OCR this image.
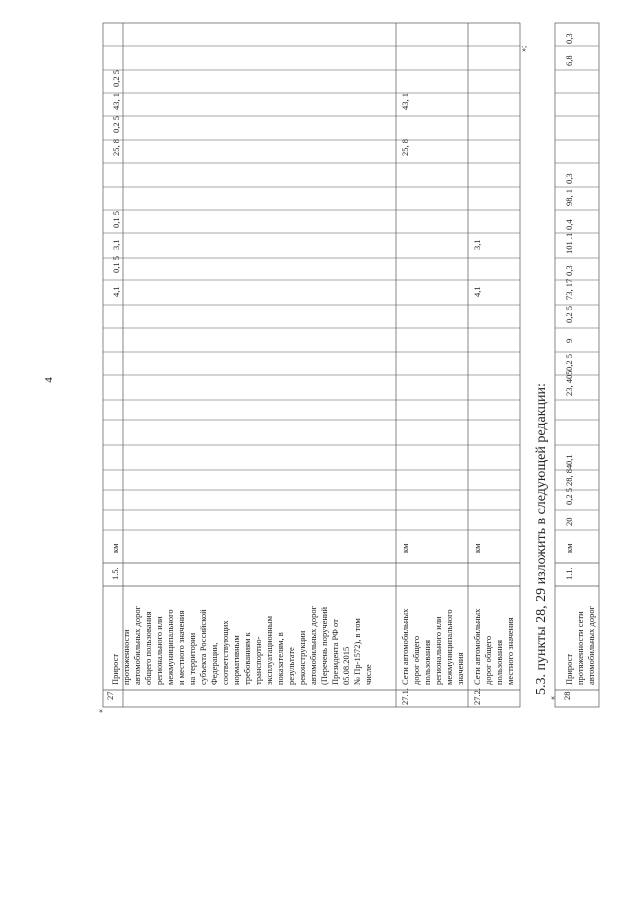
4
«
«
»;
5.3. пункты 28, 29 изложить в следующей редакции:
27
Прирост протяженности автомобильных дорог общего пользования регионального или межмуниципального и местного значения на территории субъекта Российской Федерации, соответствующих нормативным требованиям к транспортно- эксплуатационным показателям, в результате реконструкции автомобильных дорог (Перечень поручений Президента РФ от 05.08.2015 № Пр-1572), в том числе
1.5.
км
4,1
0,1 5
3,1
0,1 5
25, 8
0,2 5
43, 1
0,2 5
27.1.
Сети автомобильных дорог общего пользования регионального или межмуниципального значения
км
25, 8
43, 1
27.2.
Сети автомобильных дорог общего пользования местного значения
км
4,1
3,1
28
Прирост протяженности сети автомобильных дорог
1.1.
км
20
0,2 5
28, 84
0,1
23, 405
0,2 5
9
0,2 5
73, 17
0,3
101 .1
0,4
98, 1
0,3
6,8
0,3
